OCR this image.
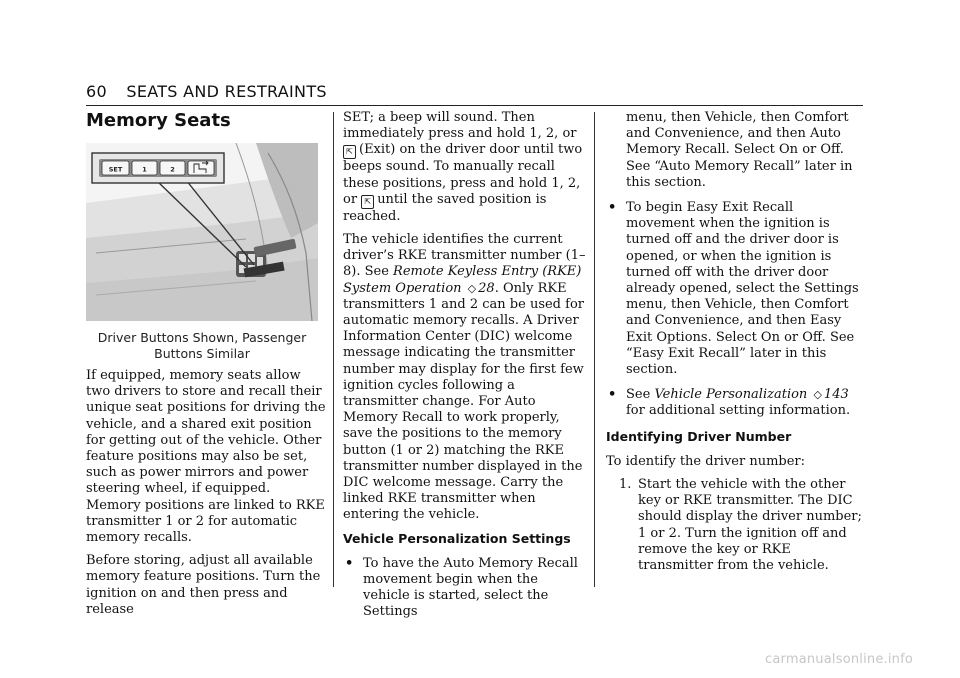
60 SEATS AND RESTRAINTS
Memory Seats
SET	1	2
Driver Buttons Shown, Passenger
Buttons Similar

If equipped, memory seats allow two drivers to store and recall their unique seat positions for driving the vehicle, and a shared exit position for getting out of the vehicle. Other feature positions may also be set, such as power mirrors and power steering wheel, if equipped. Memory positions are linked to RKE transmitter 1 or 2 for automatic memory recalls.

Before storing, adjust all available memory feature positions. Turn the ignition on and then press and release

SET; a beep will sound. Then immediately press and hold 1, 2, or ⇱ (Exit) on the driver door until two beeps sound. To manually recall these positions, press and hold 1, 2, or ⇱ until the saved position is reached.

The vehicle identifies the current driver’s RKE transmitter number (1–8). See Remote Keyless Entry (RKE) System Operation ◇ 28. Only RKE transmitters 1 and 2 can be used for automatic memory recalls. A Driver Information Center (DIC) welcome message indicating the transmitter number may display for the first few ignition cycles following a transmitter change. For Auto Memory Recall to work properly, save the positions to the memory button (1 or 2) matching the RKE transmitter number displayed in the DIC welcome message. Carry the linked RKE transmitter when entering the vehicle.

Vehicle Personalization Settings
• To have the Auto Memory Recall movement begin when the vehicle is started, select the Settings
menu, then Vehicle, then Comfort and Convenience, and then Auto Memory Recall. Select On or Off. See “Auto Memory Recall” later in this section.
• To begin Easy Exit Recall movement when the ignition is turned off and the driver door is opened, or when the ignition is turned off with the driver door already opened, select the Settings menu, then Vehicle, then Comfort and Convenience, and then Easy Exit Options. Select On or Off. See “Easy Exit Recall” later in this section.
• See Vehicle Personalization ◇ 143 for additional setting information.
Identifying Driver Number

To identify the driver number:

1. Start the vehicle with the other key or RKE transmitter. The DIC should display the driver number; 1 or 2. Turn the ignition off and remove the key or RKE transmitter from the vehicle.
carmanualsonline.info
